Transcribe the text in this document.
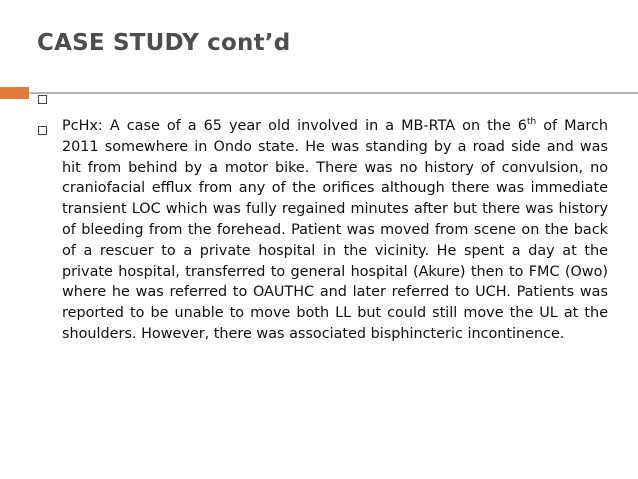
CASE STUDY cont’d
PcHx: A case of a 65 year old involved in a MB-RTA on the 6th of March 2011 somewhere in Ondo state. He was standing by a road side and was hit from behind by a motor bike. There was no history of convulsion, no craniofacial efflux from any of the orifices although there was immediate transient LOC which was fully regained minutes after but there was history of bleeding from the forehead. Patient was moved from scene on the back of a rescuer to a private hospital in the vicinity. He spent a day at the private hospital, transferred to general hospital (Akure) then to FMC (Owo) where he was referred to OAUTHC and later referred to UCH. Patients was reported to be unable to move both LL but could still move the UL at the shoulders. However, there was associated bisphincteric incontinence.
